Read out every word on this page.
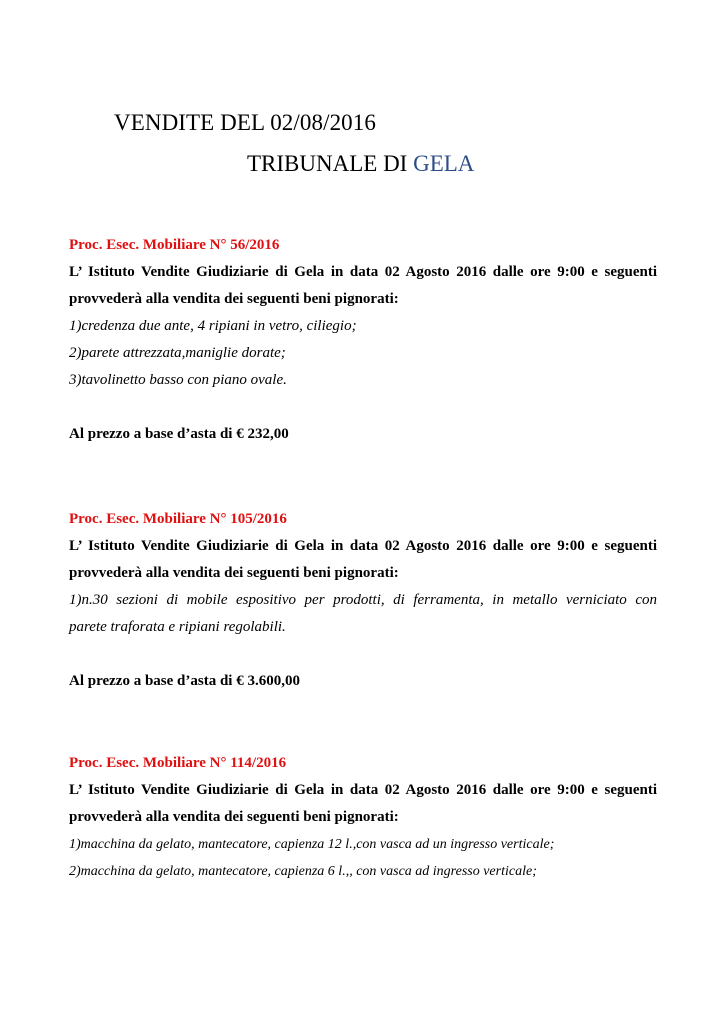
VENDITE DEL 02/08/2016
TRIBUNALE DI GELA
Proc. Esec. Mobiliare N° 56/2016
L’ Istituto Vendite Giudiziarie di Gela in data 02 Agosto 2016 dalle ore 9:00 e seguenti
provvederà alla vendita dei seguenti beni pignorati:
1)credenza due ante, 4 ripiani in vetro, ciliegio;
2)parete attrezzata,maniglie dorate;
3)tavolinetto basso con piano ovale.
Al prezzo a base d’asta di € 232,00
Proc. Esec. Mobiliare N° 105/2016
L’ Istituto Vendite Giudiziarie di Gela in data 02 Agosto 2016 dalle ore 9:00 e seguenti
provvederà alla vendita dei seguenti beni pignorati:
1)n.30 sezioni di mobile espositivo per prodotti, di ferramenta, in metallo verniciato con
parete traforata e ripiani regolabili.
Al prezzo a base d’asta di € 3.600,00
Proc. Esec. Mobiliare N° 114/2016
L’ Istituto Vendite Giudiziarie di Gela in data 02 Agosto 2016 dalle ore 9:00 e seguenti
provvederà alla vendita dei seguenti beni pignorati:
1)macchina da gelato, mantecatore, capienza 12 l.,con vasca ad un ingresso verticale;
2)macchina da gelato, mantecatore, capienza 6 l.,, con vasca ad ingresso verticale;
